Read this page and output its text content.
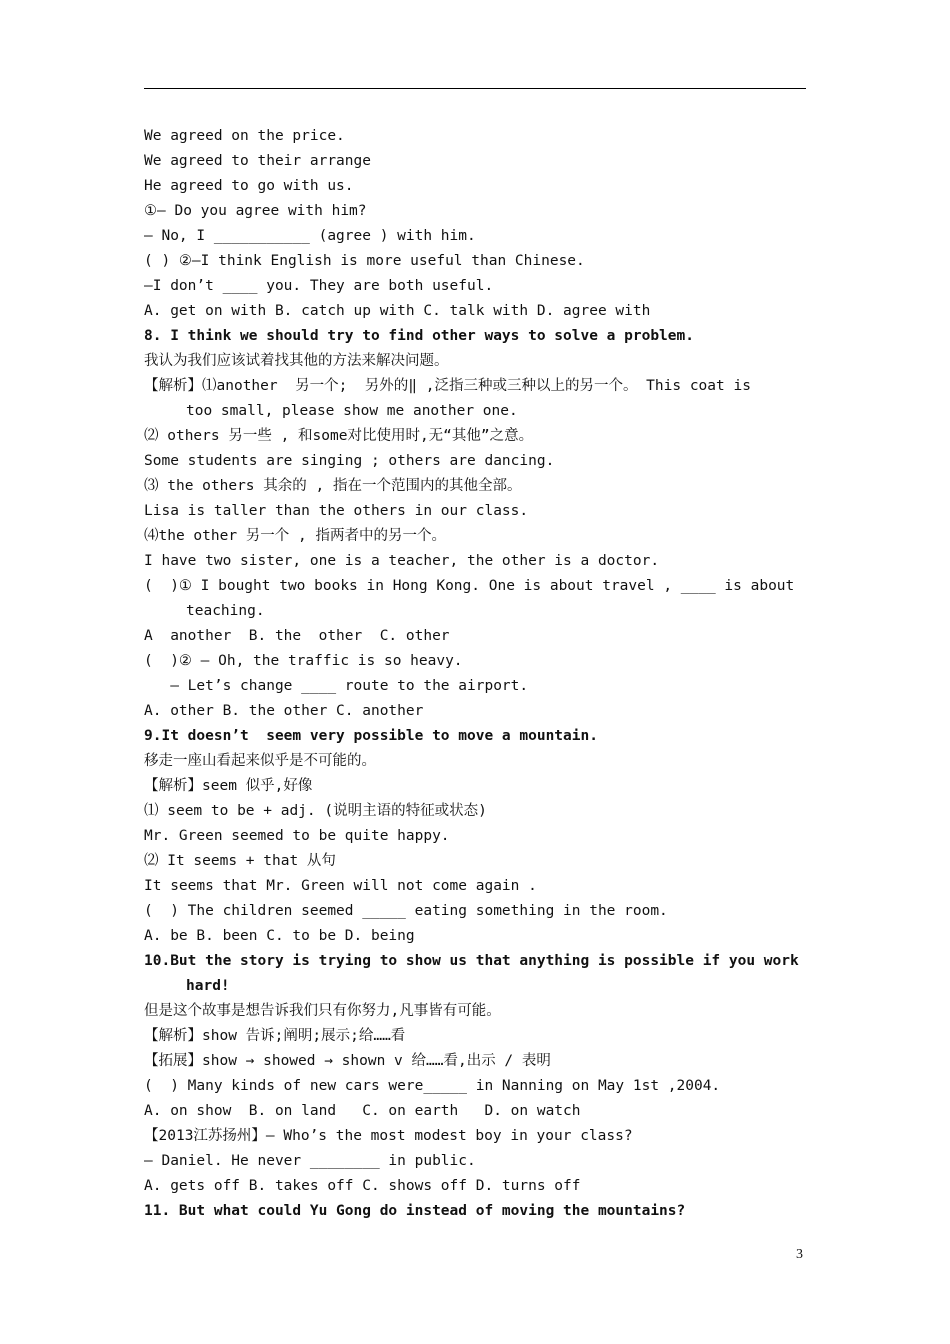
We agreed on the price.
We agreed to their arrange
He agreed to go with us.
①— Do you agree with him?
— No, I ___________ (agree ) with him.
( ) ②—I think English is more useful than Chinese.
—I don’t ____ you. They are both useful.
A. get on with B. catch up with C. talk with D. agree with
8. I think we should try to find other ways to solve a problem.
我认为我们应该试着找其他的方法来解决问题。
【解析】⑴another  另一个;  另外的‖ ,泛指三种或三种以上的另一个。 This coat is
too small, please show me another one.
⑵ others 另一些 , 和some对比使用时,无“其他”之意。
Some students are singing ; others are dancing.
⑶ the others 其余的 , 指在一个范围内的其他全部。
Lisa is taller than the others in our class.
⑷the other 另一个 , 指两者中的另一个。
I have two sister, one is a teacher, the other is a doctor.
(  )① I bought two books in Hong Kong. One is about travel , ____ is about
teaching.
A  another  B. the  other  C. other
(  )② — Oh, the traffic is so heavy.
— Let’s change ____ route to the airport.
A. other B. the other C. another
9.It doesn’t  seem very possible to move a mountain.
移走一座山看起来似乎是不可能的。
【解析】seem 似乎,好像
⑴ seem to be + adj. (说明主语的特征或状态)
Mr. Green seemed to be quite happy.
⑵ It seems + that 从句
It seems that Mr. Green will not come again .
(  ) The children seemed _____ eating something in the room.
A. be B. been C. to be D. being
10.But the story is trying to show us that anything is possible if you work
hard!
但是这个故事是想告诉我们只有你努力,凡事皆有可能。
【解析】show 告诉;阐明;展示;给……看
【拓展】show → showed → shown v 给……看,出示 / 表明
(  ) Many kinds of new cars were_____ in Nanning on May 1st ,2004.
A. on show  B. on land   C. on earth   D. on watch
【2013江苏扬州】— Who’s the most modest boy in your class?
— Daniel. He never ________ in public.
A. gets off B. takes off C. shows off D. turns off
11. But what could Yu Gong do instead of moving the mountains?
3
